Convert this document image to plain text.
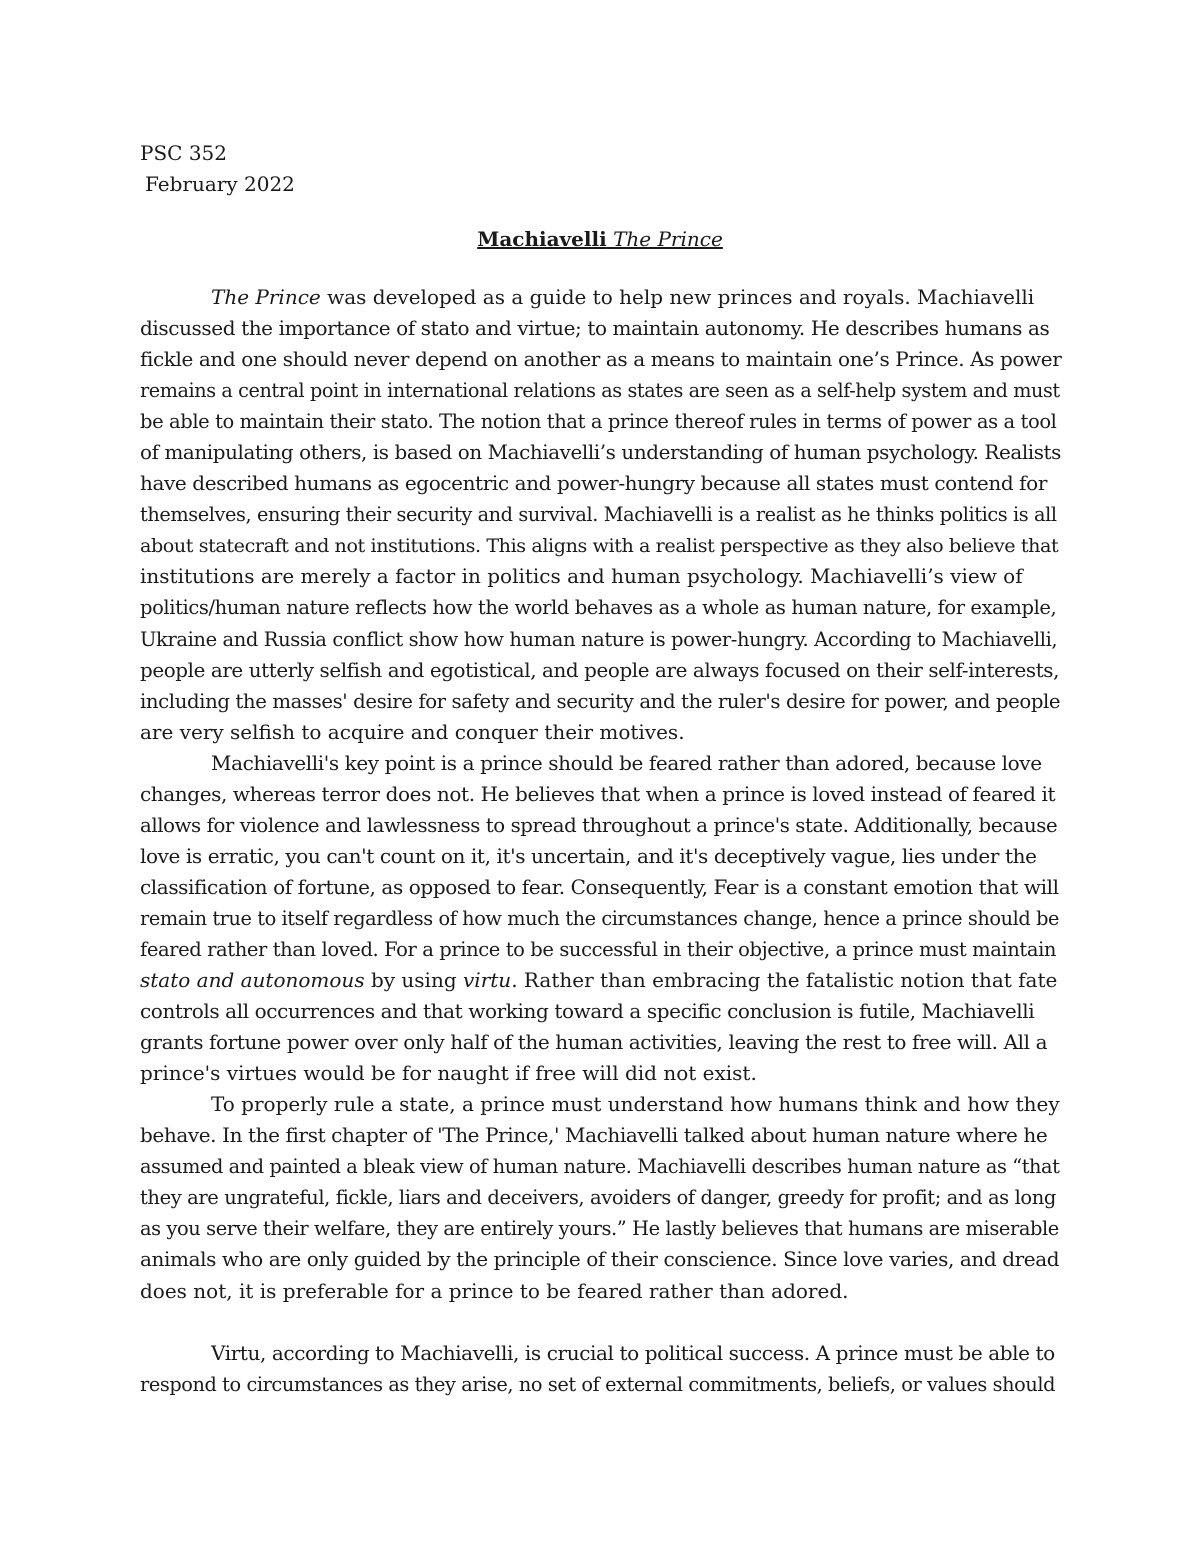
PSC 352
February 2022
Machiavelli The Prince
The Prince was developed as a guide to help new princes and royals. Machiavelli
discussed the importance of stato and virtue; to maintain autonomy. He describes humans as
fickle and one should never depend on another as a means to maintain one’s Prince. As power
remains a central point in international relations as states are seen as a self-help system and must
be able to maintain their stato. The notion that a prince thereof rules in terms of power as a tool
of manipulating others, is based on Machiavelli’s understanding of human psychology. Realists
have described humans as egocentric and power-hungry because all states must contend for
themselves, ensuring their security and survival. Machiavelli is a realist as he thinks politics is all
about statecraft and not institutions. This aligns with a realist perspective as they also believe that
institutions are merely a factor in politics and human psychology. Machiavelli’s view of
politics/human nature reflects how the world behaves as a whole as human nature, for example,
Ukraine and Russia conflict show how human nature is power-hungry. According to Machiavelli,
people are utterly selfish and egotistical, and people are always focused on their self-interests,
including the masses' desire for safety and security and the ruler's desire for power, and people
are very selfish to acquire and conquer their motives.
Machiavelli's key point is a prince should be feared rather than adored, because love
changes, whereas terror does not. He believes that when a prince is loved instead of feared it
allows for violence and lawlessness to spread throughout a prince's state. Additionally, because
love is erratic, you can't count on it, it's uncertain, and it's deceptively vague, lies under the
classification of fortune, as opposed to fear. Consequently, Fear is a constant emotion that will
remain true to itself regardless of how much the circumstances change, hence a prince should be
feared rather than loved. For a prince to be successful in their objective, a prince must maintain
stato and autonomous by using virtu. Rather than embracing the fatalistic notion that fate
controls all occurrences and that working toward a specific conclusion is futile, Machiavelli
grants fortune power over only half of the human activities, leaving the rest to free will. All a
prince's virtues would be for naught if free will did not exist.
To properly rule a state, a prince must understand how humans think and how they
behave. In the first chapter of 'The Prince,' Machiavelli talked about human nature where he
assumed and painted a bleak view of human nature. Machiavelli describes human nature as “that
they are ungrateful, fickle, liars and deceivers, avoiders of danger, greedy for profit; and as long
as you serve their welfare, they are entirely yours.” He lastly believes that humans are miserable
animals who are only guided by the principle of their conscience. Since love varies, and dread
does not, it is preferable for a prince to be feared rather than adored.
Virtu, according to Machiavelli, is crucial to political success. A prince must be able to
respond to circumstances as they arise, no set of external commitments, beliefs, or values should
